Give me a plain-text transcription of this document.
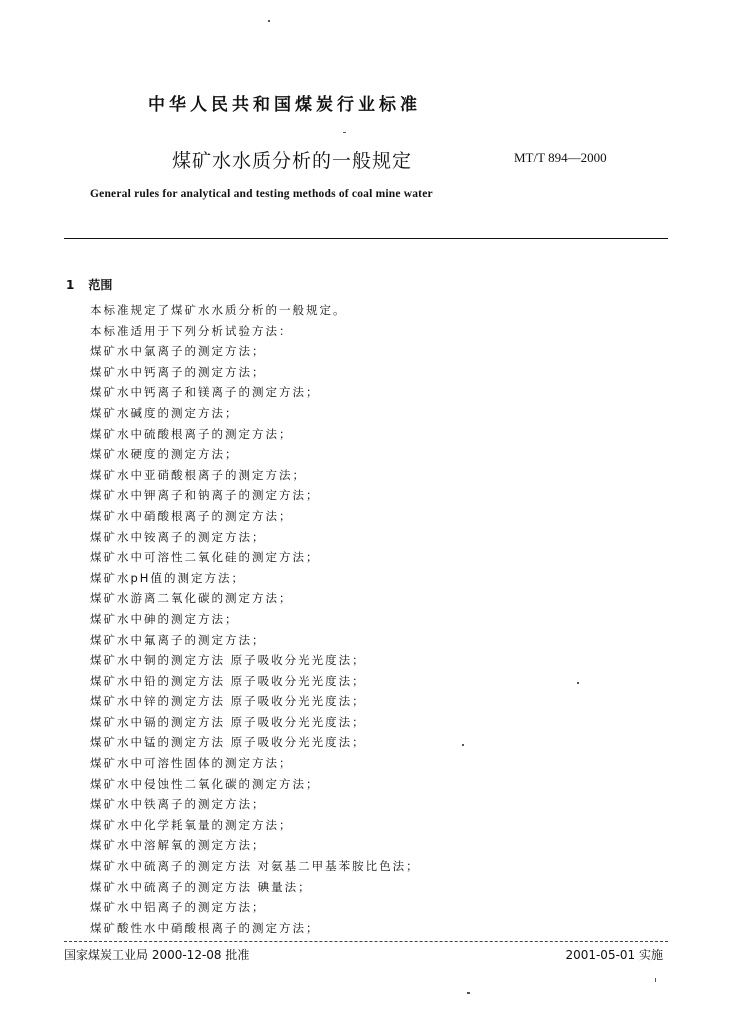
中华人民共和国煤炭行业标准
煤矿水水质分析的一般规定	MT/T 894—2000
General rules for analytical and testing methods of coal mine water
1 范围
本标准规定了煤矿水水质分析的一般规定。
本标准适用于下列分析试验方法：
煤矿水中氯离子的测定方法；
煤矿水中钙离子的测定方法；
煤矿水中钙离子和镁离子的测定方法；
煤矿水碱度的测定方法；
煤矿水中硫酸根离子的测定方法；
煤矿水硬度的测定方法；
煤矿水中亚硝酸根离子的测定方法；
煤矿水中钾离子和钠离子的测定方法；
煤矿水中硝酸根离子的测定方法；
煤矿水中铵离子的测定方法；
煤矿水中可溶性二氧化硅的测定方法；
煤矿水pH值的测定方法；
煤矿水游离二氧化碳的测定方法；
煤矿水中砷的测定方法；
煤矿水中氟离子的测定方法；
煤矿水中铜的测定方法 原子吸收分光光度法；
煤矿水中铅的测定方法 原子吸收分光光度法；
煤矿水中锌的测定方法 原子吸收分光光度法；
煤矿水中镉的测定方法 原子吸收分光光度法；
煤矿水中锰的测定方法 原子吸收分光光度法；
煤矿水中可溶性固体的测定方法；
煤矿水中侵蚀性二氧化碳的测定方法；
煤矿水中铁离子的测定方法；
煤矿水中化学耗氧量的测定方法；
煤矿水中溶解氧的测定方法；
煤矿水中硫离子的测定方法 对氨基二甲基苯胺比色法；
煤矿水中硫离子的测定方法 碘量法；
煤矿水中铝离子的测定方法；
煤矿酸性水中硝酸根离子的测定方法；
国家煤炭工业局 2000-12-08 批准	2001-05-01 实施
